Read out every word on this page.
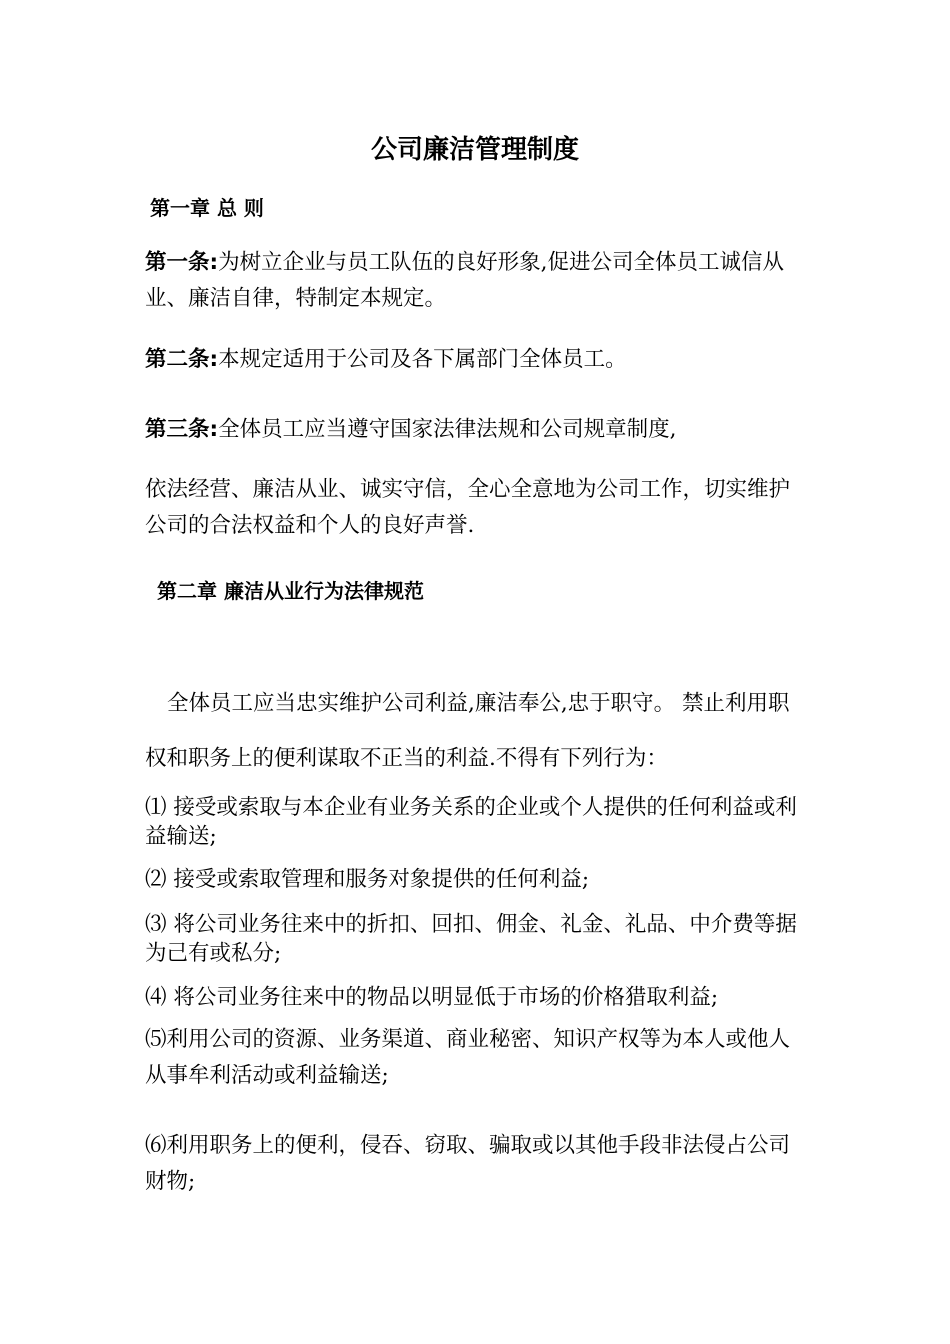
公司廉洁管理制度
第一章 总 则
第一条:为树立企业与员工队伍的良好形象,促进公司全体员工诚信从业、廉洁自律，特制定本规定。
第二条:本规定适用于公司及各下属部门全体员工。
第三条:全体员工应当遵守国家法律法规和公司规章制度,
依法经营、廉洁从业、诚实守信，全心全意地为公司工作，切实维护公司的合法权益和个人的良好声誉.
第二章 廉洁从业行为法律规范
全体员工应当忠实维护公司利益,廉洁奉公,忠于职守。 禁止利用职权和职务上的便利谋取不正当的利益.不得有下列行为：
⑴ 接受或索取与本企业有业务关系的企业或个人提供的任何利益或利益输送;
⑵ 接受或索取管理和服务对象提供的任何利益;
⑶ 将公司业务往来中的折扣、回扣、佣金、礼金、礼品、中介费等据为己有或私分;
⑷ 将公司业务往来中的物品以明显低于市场的价格猎取利益;
⑸利用公司的资源、业务渠道、商业秘密、知识产权等为本人或他人从事牟利活动或利益输送;
⑹利用职务上的便利，侵吞、窃取、骗取或以其他手段非法侵占公司财物;
